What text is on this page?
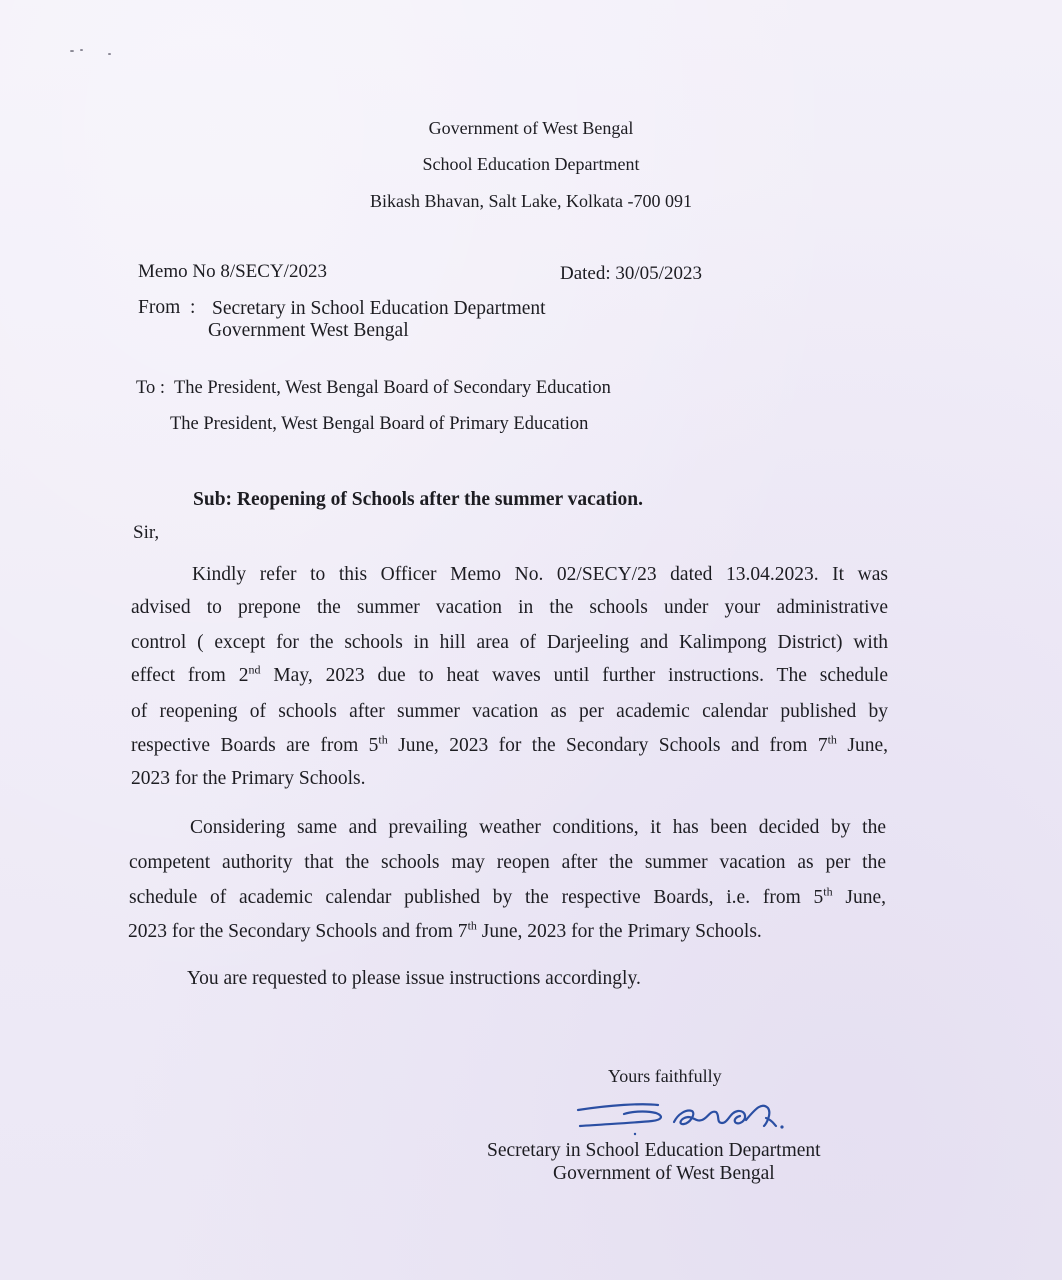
Government of West Bengal
School Education Department
Bikash Bhavan, Salt Lake, Kolkata -700 091
Memo No 8/SECY/2023	Dated: 30/05/2023
From : Secretary in School Education Department
Government West Bengal
To : The President, West Bengal Board of Secondary Education
The President, West Bengal Board of Primary Education
Sub: Reopening of Schools after the summer vacation.
Sir,
Kindly refer to this Officer Memo No. 02/SECY/23 dated 13.04.2023. It was
advised to prepone the summer vacation in the schools under your administrative
control ( except for the schools in hill area of Darjeeling and Kalimpong District) with
effect from 2nd May, 2023 due to heat waves until further instructions. The schedule
of reopening of schools after summer vacation as per academic calendar published by
respective Boards are from 5th June, 2023 for the Secondary Schools and from 7th June,
2023 for the Primary Schools.
Considering same and prevailing weather conditions, it has been decided by the
competent authority that the schools may reopen after the summer vacation as per the
schedule of academic calendar published by the respective Boards, i.e. from 5th June,
2023 for the Secondary Schools and from 7th June, 2023 for the Primary Schools.
You are requested to please issue instructions accordingly.
Yours faithfully
Secretary in School Education Department
Government of West Bengal
